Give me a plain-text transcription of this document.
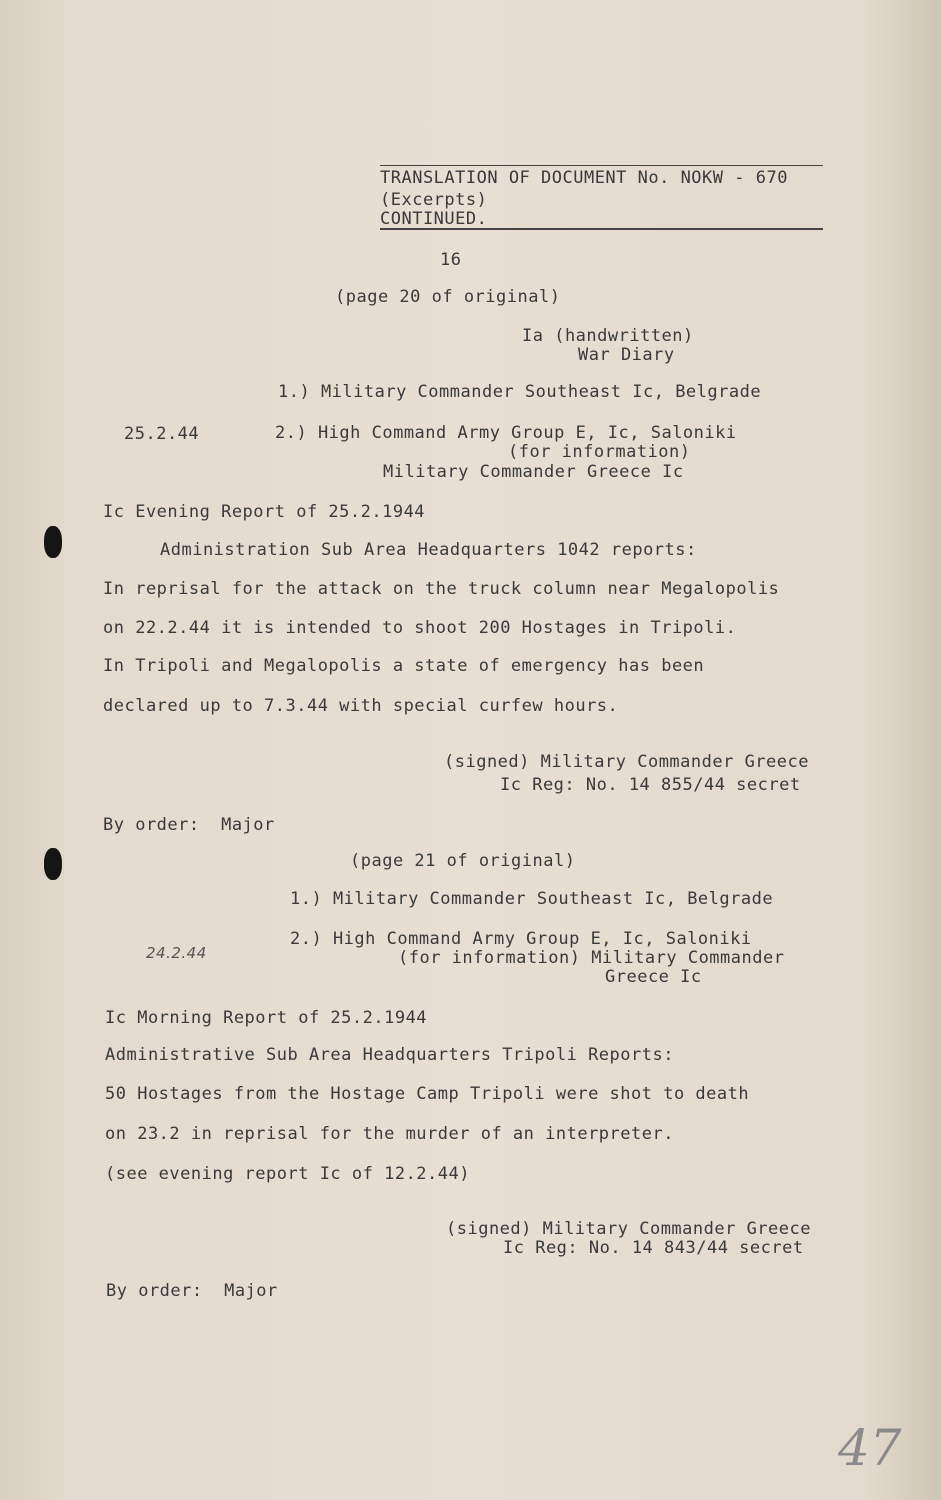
TRANSLATION OF DOCUMENT No. NOKW - 670
(Excerpts)
CONTINUED.
16
(page 20 of original)
Ia (handwritten)
War Diary
1.) Military Commander Southeast Ic, Belgrade
25.2.44	2.) High Command Army Group E, Ic, Saloniki
(for information)
Military Commander Greece Ic
Ic Evening Report of 25.2.1944
Administration Sub Area Headquarters 1042 reports:
In reprisal for the attack on the truck column near Megalopolis
on 22.2.44 it is intended to shoot 200 Hostages in Tripoli.
In Tripoli and Megalopolis a state of emergency has been
declared up to 7.3.44 with special curfew hours.
(signed) Military Commander Greece
Ic Reg: No. 14 855/44 secret
By order:  Major
(page 21 of original)
1.) Military Commander Southeast Ic, Belgrade
24.2.44
2.) High Command Army Group E, Ic, Saloniki
(for information) Military Commander
Greece Ic
Ic Morning Report of 25.2.1944
Administrative Sub Area Headquarters Tripoli Reports:
50 Hostages from the Hostage Camp Tripoli were shot to death
on 23.2 in reprisal for the murder of an interpreter.
(see evening report Ic of 12.2.44)
(signed) Military Commander Greece
Ic Reg: No. 14 843/44 secret
By order:  Major
47
